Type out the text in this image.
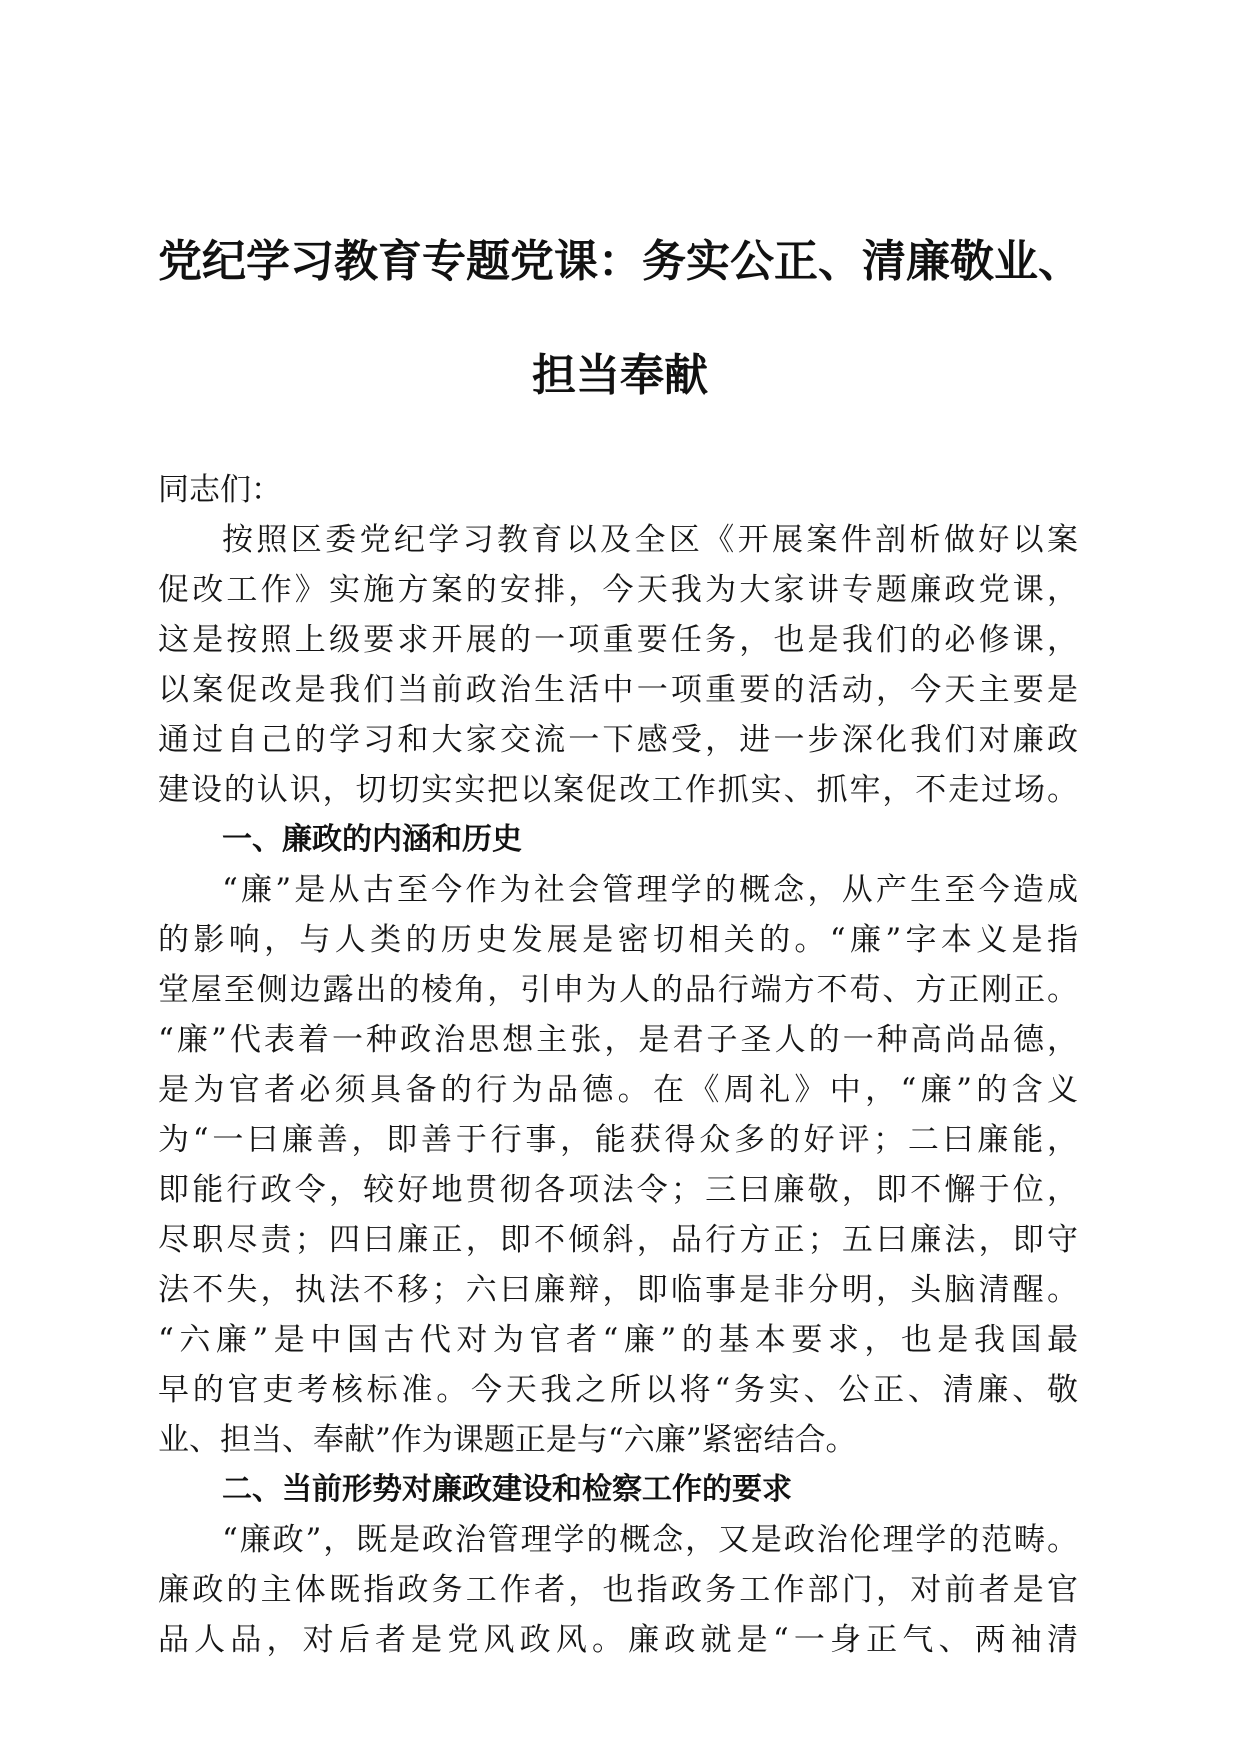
党纪学习教育专题党课：务实公正、清廉敬业、
担当奉献
同志们：
按照区委党纪学习教育以及全区《开展案件剖析做好以案
促改工作》实施方案的安排，今天我为大家讲专题廉政党课，
这是按照上级要求开展的一项重要任务，也是我们的必修课，
以案促改是我们当前政治生活中一项重要的活动，今天主要是
通过自己的学习和大家交流一下感受，进一步深化我们对廉政
建设的认识，切切实实把以案促改工作抓实、抓牢，不走过场。
一、廉政的内涵和历史
“廉”是从古至今作为社会管理学的概念，从产生至今造成
的影响，与人类的历史发展是密切相关的。“廉”字本义是指
堂屋至侧边露出的棱角，引申为人的品行端方不苟、方正刚正。
“廉”代表着一种政治思想主张，是君子圣人的一种高尚品德，
是为官者必须具备的行为品德。在《周礼》中，“廉”的含义
为“一曰廉善，即善于行事，能获得众多的好评；二曰廉能，
即能行政令，较好地贯彻各项法令；三曰廉敬，即不懈于位，
尽职尽责；四曰廉正，即不倾斜，品行方正；五曰廉法，即守
法不失，执法不移；六曰廉辩，即临事是非分明，头脑清醒。
“六廉”是中国古代对为官者“廉”的基本要求，也是我国最
早的官吏考核标准。今天我之所以将“务实、公正、清廉、敬
业、担当、奉献”作为课题正是与“六廉”紧密结合。
二、当前形势对廉政建设和检察工作的要求
“廉政”，既是政治管理学的概念，又是政治伦理学的范畴。
廉政的主体既指政务工作者，也指政务工作部门，对前者是官
品人品，对后者是党风政风。廉政就是“一身正气、两袖清
